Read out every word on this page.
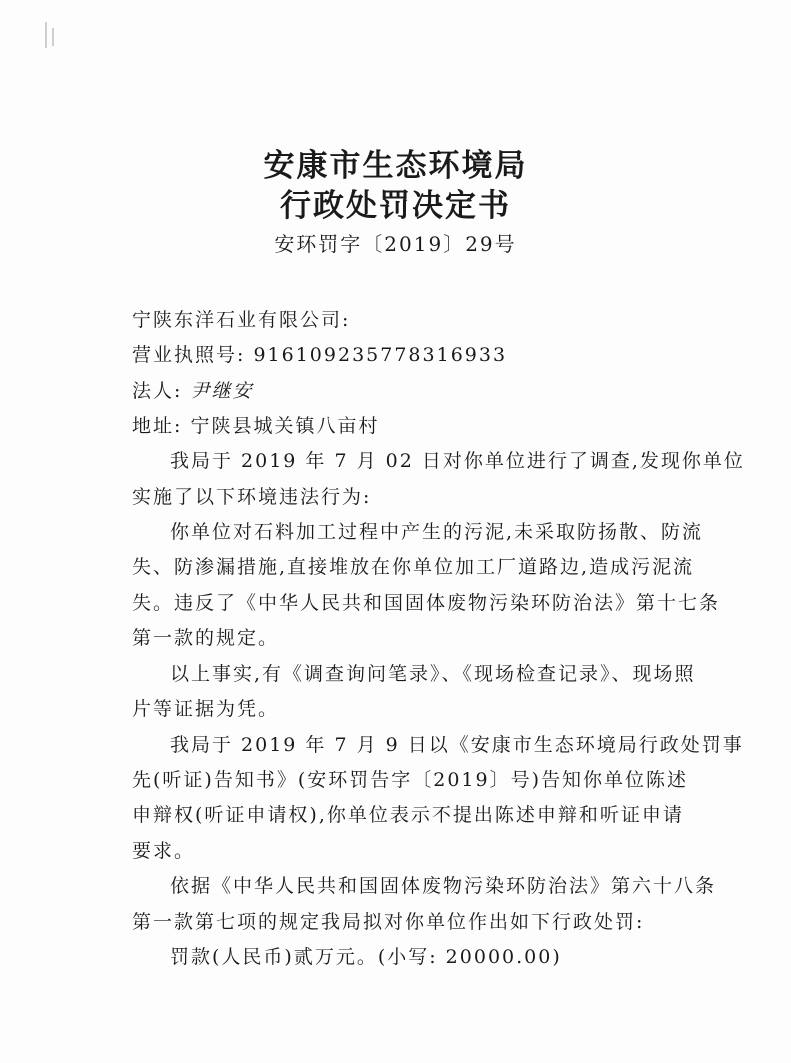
安康市生态环境局
行政处罚决定书
安环罚字〔2019〕29号
宁陕东洋石业有限公司:
营业执照号: 916109235778316933
法人: 尹继安
地址: 宁陕县城关镇八亩村
我局于 2019 年 7 月 02 日对你单位进行了调查,发现你单位
实施了以下环境违法行为:
你单位对石料加工过程中产生的污泥,未采取防扬散、防流
失、防渗漏措施,直接堆放在你单位加工厂道路边,造成污泥流
失。违反了《中华人民共和国固体废物污染环防治法》第十七条
第一款的规定。
以上事实,有《调查询问笔录》、《现场检查记录》、现场照
片等证据为凭。
我局于 2019 年 7 月 9 日以《安康市生态环境局行政处罚事
先(听证)告知书》(安环罚告字〔2019〕号)告知你单位陈述
申辩权(听证申请权),你单位表示不提出陈述申辩和听证申请
要求。
依据《中华人民共和国固体废物污染环防治法》第六十八条
第一款第七项的规定我局拟对你单位作出如下行政处罚:
罚款(人民币)贰万元。(小写: 20000.00)
